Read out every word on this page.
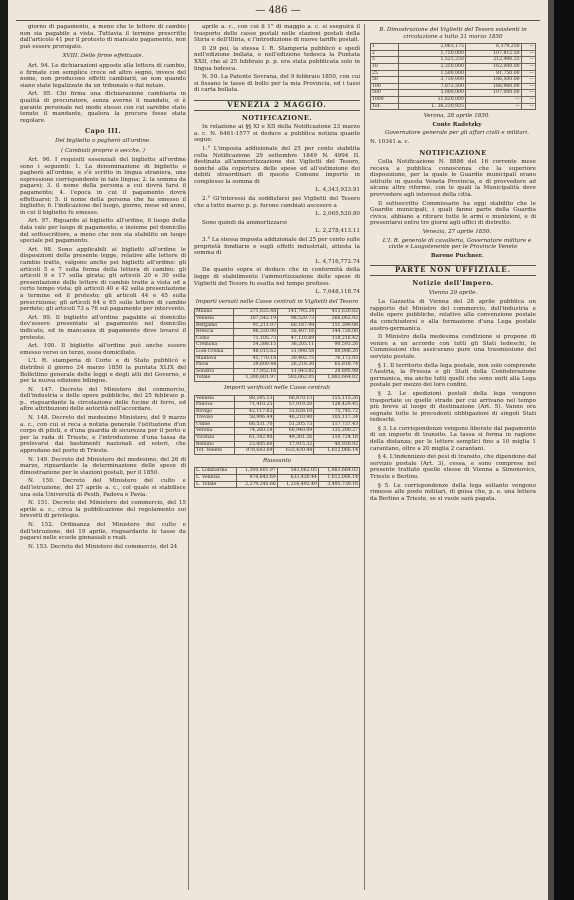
— 486 —

giorno di pagamento, a meno che le lettere di cambio non sia pagabile a vista. Tuttavia il termine prescritto dall'articolo 41 per il protesto di mancato pagamento, non può essere prorogato.

XVIII. Delle firme effettuate.

Art. 94. Le dichiarazioni apposte alla lettera di cambio, e firmate con semplice croce od altro segno, invece del nome, non producono effetti cambiarii, se non quando siano state legalizzate da un tribunale o dal notaio.

Art. 95. Chi firma una dichiarazione cambiaria in qualità di procuratore, senza averne il mandato, si è garante personale nel modo stesso con cui sarebbe stato tenuto il mandante, qualora la procura fosse stata regolare.

Capo III.

Del biglietto o pagherò all'ordine.

( Cambiali proprie o secche. )

Art. 96. I requisiti essenziali del biglietto all'ordine sono i seguenti: 1. La denominazione di biglietto o pagherò all'ordine, e s'è scritto in lingua straniera, una espressione corrispondente in tale lingua; 2. la somma da pagarsi; 3. il nome della persona a cui dovrà farsi il pagamento; 4. l'epoca in cui il pagamento dovrà effettuarsi; 5. il nome della persona che ha emesso il biglietto; 6. l'indicazione del luogo, giorno, mese ed anno, in cui il biglietto fu emesso.

Art. 97. Riguardo al biglietto all'ordine, il luogo della data vale per luogo di pagamento, e insieme pel domicilio del sottoscrittore, a meno che non sia stabilito un luogo speciale pel pagamento.

Art. 98. Sono applicabili ai biglietti all'ordine le disposizioni della presente legge, relative alle lettere di cambio tratte, valgono anche pei biglietti all'ordine: gli articoli 5 e 7 sulla forma della lettera di cambio; gli articoli 9 e 17 sulla girata; gli articoli 20 e 30 sulla presentazione delle lettere di cambio tratte a vista od a certo tempo vista; gli articoli 40 e 42 sulla presentazione a termine ed il protesto; gli articoli 44 e 45 sulla prescrizione; gli articoli 64 e 65 sulle lettere di cambio perdute; gli articoli 73 a 76 sul pagamento per intervento.

Art. 99. Il biglietto all'ordine pagabile al domicilio dev'essere presentato al pagamento nel domicilio indicato, ed in mancanza di pagamento deve levarsi il protesto.

Art. 100. Il biglietto all'ordine può anche essere emesso verso un terzo, ossia domiciliato.

L'I. R. stamperia di Corte e di Stato pubblicò e distribuì il giorno 24 marzo 1850 la puntata XLIX del Bollettino generale delle leggi e degli atti del Governo, e per la nuova edizione bilingue.

N. 147. Decreto del Ministero del commercio, dell'industria e delle opere pubbliche, del 25 febbraio p. p., risguardante la circolazione delle fucine di ferro, ed altre attribuzioni delle autorità nell'accordare.

N. 148. Decreto del medesimo Ministero, del 9 marzo a. c., con cui si reca a notizia generale l'istituzione d'un corpo di piloti, e d'una guardia di sicurezza per il porto e per la rada di Trieste, e l'introduzione d'una tassa da prelevarsi dai bastimenti nazionali ed esteri, che approdano nel porto di Trieste.

N. 149. Decreto del Ministero del medesimo, del 26 di marzo, riguardante la determinazione delle spese di dimostrazione per le stazioni postali, per il 1850.

N. 150. Decreto del Ministero del culto e dell'istruzione, del 27 aprile a. c., col quale si stabilisce una sola Università di Pesth, Padova e Pavia.

N. 151. Decreto del Ministero del commercio, del 15 aprile a. c., circa la pubblicazione del regolamento sui brevetti di privilegio.

N. 152. Ordinanza del Ministero del culto e dell'istruzione, del 19 aprile, risguardante le tasse da pagarsi nelle scuole ginnasiali e reali.

N. 153. Decreto del Ministero del commercio, del 24

aprile a. c., con cui il 1° di maggio a. c. si eseguirà il trasporto delle casse postali nelle stazioni postali della Stiria e dell'Illiria, e l'introduzione di nuove tariffe postali.

Il 29 poi, la stessa I. R. Stamperia pubblicò e spedì nell'edizione bollata, e nell'edizione tedesca la Puntata XXII, che al 25 febbraio p. p. era stata pubblicata solo in lingua tedesca.

N. 50. La Patente Sovrana, del 9 febbraio 1850, con cui si fissano le tasse di bollo per la mia Provincia, ed i tassi di carta bollata.

VENEZIA 2 MAGGIO.

NOTIFICAZIONE.

In relazione ai §§ XI e XII della Notificazione 23 marzo a. c. N. 6461-1577 si deduce a pubblica notizia quanto segue:

1.° L'imposta addizionale del 25 per cento stabilita colla Notificazione 29 settembre 1849 N. 4994 II. destinata all'ammortizzazione dei Viglietti del Tesoro, nonché alla copertura delle spese ed all'estinzione dei debiti straordinari di questo Comune importò in complesso la somma di

L. 4,343,933.91

2.° Gl'interessi da soddisfarsi pei Viglietti del Tesoro che a tutto marzo p. p. furono cambiati ascesero a

L. 2,065,520.80

Sono quindi da ammortizzarsi

L. 2,278,413.11

3.° La stessa imposta addizionale del 25 per cento sulle proprietà fondiarie e sugli effetti industriali, attesta la somma di

L. 4,716,772.74

Da quanto sopra si deduce che in conformità della legge di stabilimento l'ammortizzazione delle spese di Viglietti del Tesoro fu esatta nel tempo prefisso.

L. 7,648,118.74

Importi versati nelle Casse centrali in Viglietti del Tesoro

Milano	271,825.48	141,795.34	413,620.82
Venezia	167,542.19	98,520.73	266,062.92
Bergamo	91,211.07	60,187.99	151,399.06
Brescia	86,320.90	58,407.16	144,728.06
Como	71,105.73	47,110.69	118,216.42
Cremona	54,388.15	36,205.11	90,593.26
Lodi-Crema	48,015.62	31,990.58	80,006.20
Mantova	45,770.18	30,402.75	76,172.93
Pavia	39,600.44	26,218.30	65,818.74
Sondrio	17,952.16	11,943.82	29,895.98
Totale	1,300,601.97	583,062.05	1,883,664.02

Importi verificati nelle Casse centrali

Venezia	88,245.13	66,870.13	155,115.26
Padova	71,410.25	57,019.20	128,429.45
Rovigo	42,117.62	33,628.10	75,745.72
Treviso	58,906.44	46,210.90	105,117.34
Udine	66,531.70	51,205.73	117,737.43
Verona	74,260.18	60,940.09	135,200.27
Vicenza	61,342.90	49,381.26	110,724.16
Belluno	23,005.60	17,915.32	40,920.92
Tot. Veneto	978,643.69	633,430.44	1,612,066.14

Riassunto

L. Lombardia	1,300,601.97	583,062.05	1,883,664.02
L. Venezia	978,643.69	633,430.44	1,612,066.14
L. Totale	2,279,245.66	1,216,492.49	3,495,730.16

B. Dimostrazione dei Viglietti del Tesoro esistenti in circolazione a tutto 31 marzo 1850

1	2,063,175	6,379,250	—
2	1,750,000	107,812.50	—
5	1,525,250	212,406.25	—
10	2,350,000	162,000.00	—
25	1,500,000	81,750.00	—
50	3,730,000	186,500.00	—
100	7,072,500	166,960.00	—
500	5,000,000	107,000.00	—
1000	11,620,000	—	—
Tot.	L. 36,230,925	—	—

Verona, 28 aprile 1850.

Conte Radetzky

Governatore generale per gli affari civili e militari.

N. 10341 a. c.

NOTIFICAZIONE

Colla Notificazione N. 8886 del 16 corrente mese recava a pubblica conoscenza che la superiore disposizione, per la quale le Guardie municipali erano istituite in questa Veneta Provincia, e di provvedere ad alcune altre riforme, con le quali la Municipalità deve provvedere agli interessi della città.

Il sottoscritto Commissario ha oggi stabilito che le Guardie municipali, i quali fanno parte della Guardia civica, abbiano a ritirare tutte le armi e munizioni, e di presentarsi entro tre giorni agli uffici di distretto.

Venezia, 27 aprile 1850.

L'I. R. generale di cavalleria, Governatore militare e civile e Luogotenente per le Provincie Venete

Barone Puchner.

PARTE NON UFFIZIALE.

Notizie dell'Impero.

Vienna 29 aprile.

La Gazzetta di Vienna del 28 aprile pubblica un rapporto del Ministro del commercio, dell'industria e delle opere pubbliche, relativo alla convenzione postale da conchiudersi e alla formazione d'una Lega postale austro-germanica.

Il Ministro della medesima condizione si propone di venire a un accordo con tutti gli Stati tedeschi, le Commissioni che assicurano pure una trasmissione del servizio postale.

§ 1. Il territorio della lega postale, non solo comprende l'Austria, la Prussia e gli Stati della Confederazione germanica, ma anche tutti quelli che sono uniti alla Lega postale per mezzo dei loro confini.

§ 2. Le spedizioni postali della lega vengono trasportate su quelle strade per cui arrivano nel tempo più breve al luogo di destinazione (Art. 5). Vanno ora segnate tutte le precedenti obbligazioni di singoli Stati tedeschi.

§ 3. Le corrispondenze vengono liberate dal pagamento di un importo di transito. La tassa si forma in ragione della distanza; per le lettere semplici fino a 10 miglia 1 carantano, oltre a 20 miglia 2 carantani.

§ 4. L'indennizzo dei pesi di transito, che dipendono dal servizio postale (Art. 3), cessa, e sono comprese nel presente trattato quelle stesse di Vienna a Simonovics, Trieste e Berlino.

§ 5. Le corrispondenze della lega soltanto vengono rimesse alle poste militari, di guisa che, p. e. una lettera da Berlino a Trieste, se si vuole sarà pagata.
